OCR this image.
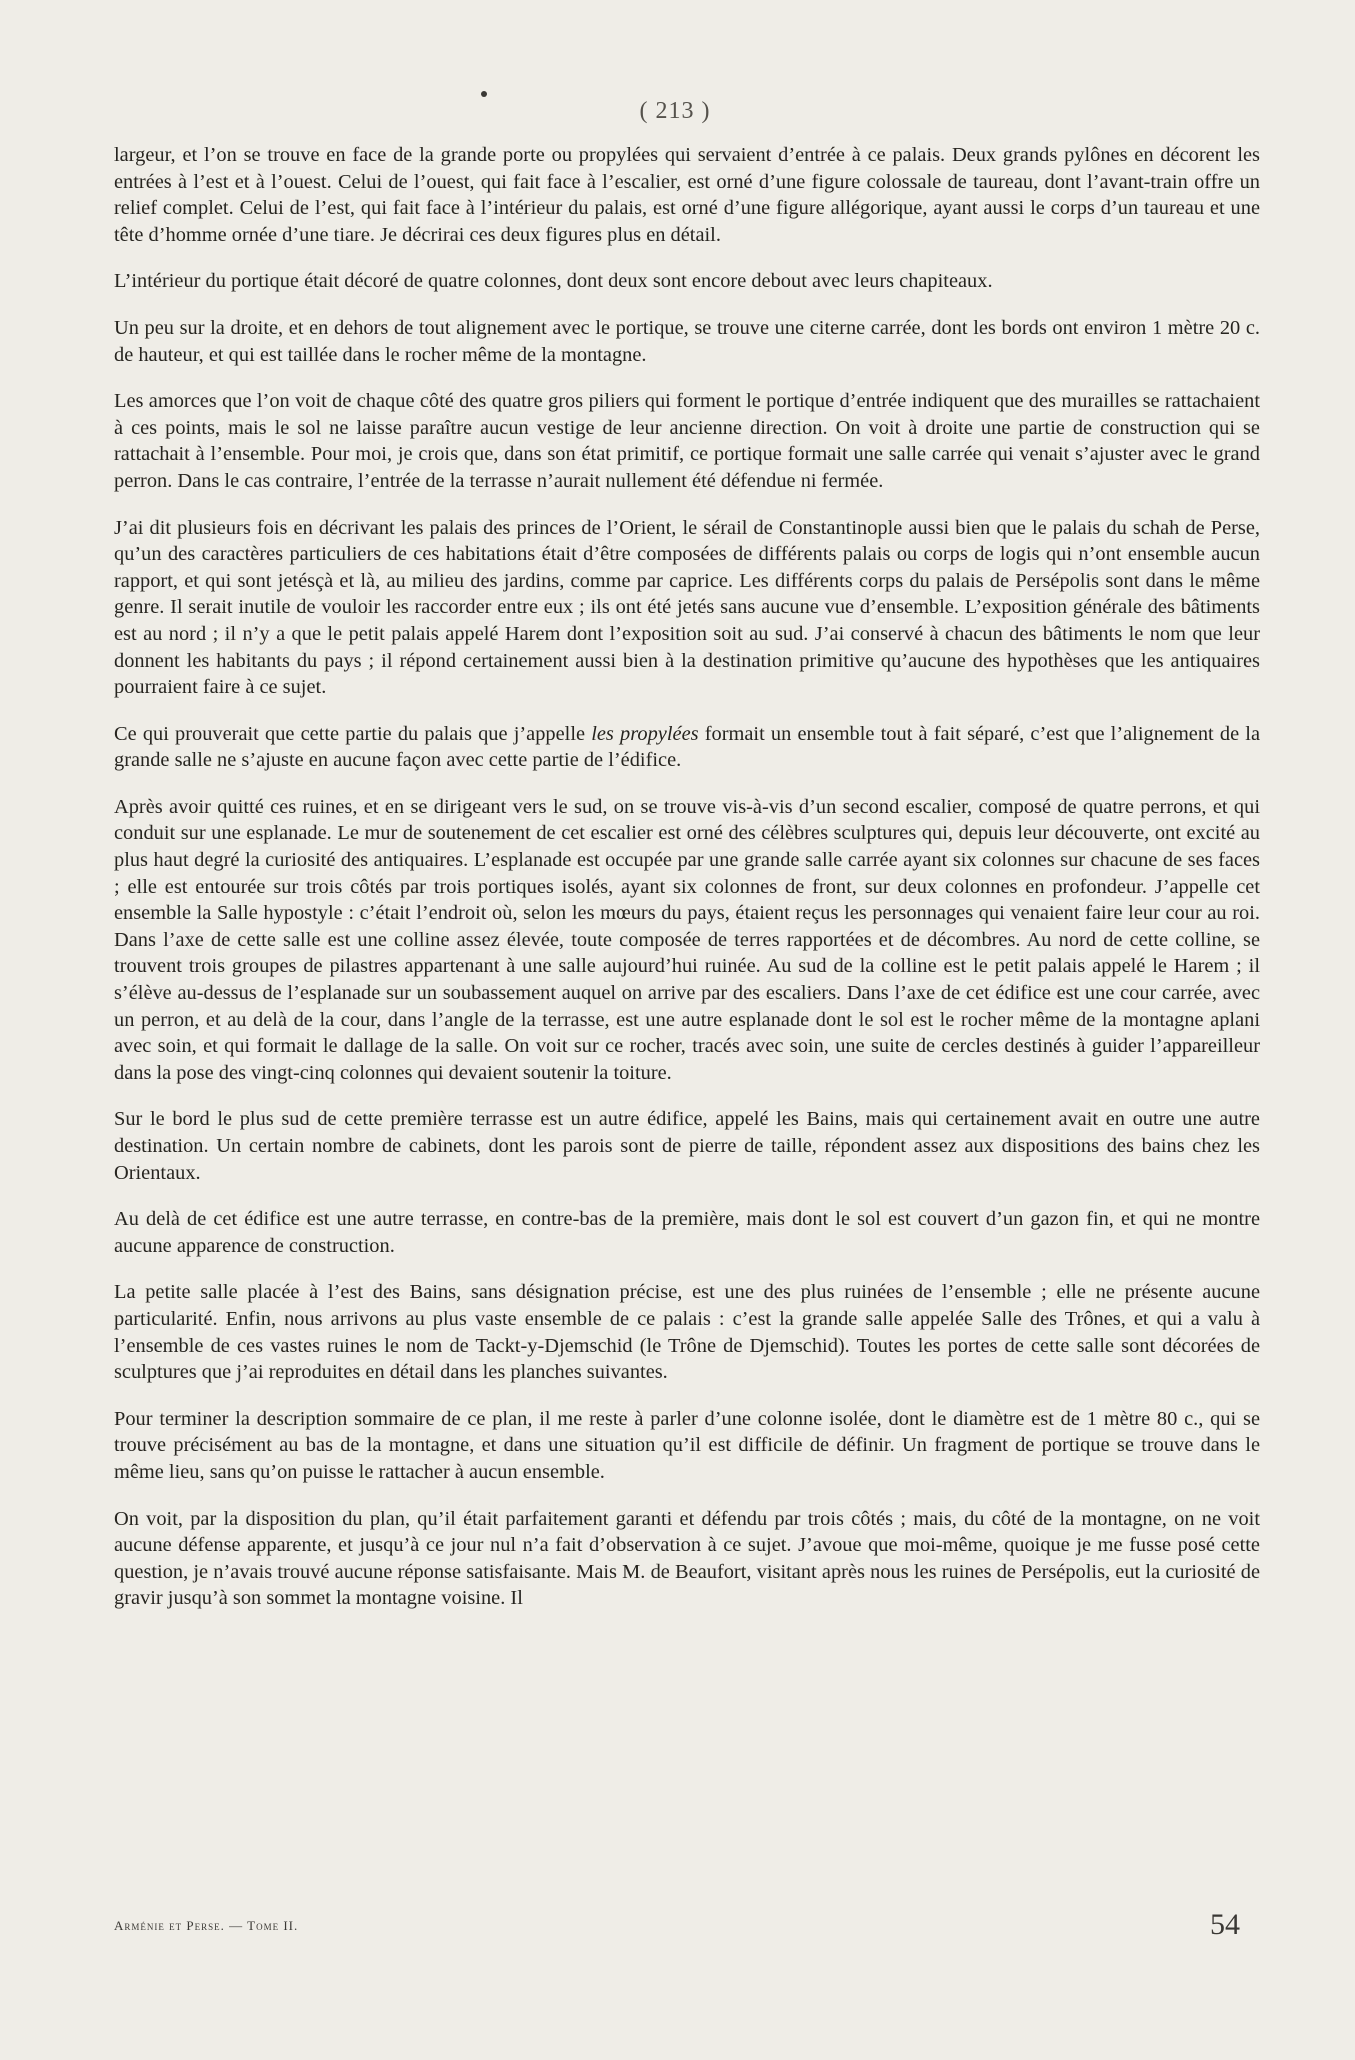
( 213 )

largeur, et l’on se trouve en face de la grande porte ou propylées qui servaient d’entrée à ce palais. Deux grands pylônes en décorent les entrées à l’est et à l’ouest. Celui de l’ouest, qui fait face à l’escalier, est orné d’une figure colossale de taureau, dont l’avant-train offre un relief complet. Celui de l’est, qui fait face à l’intérieur du palais, est orné d’une figure allégorique, ayant aussi le corps d’un taureau et une tête d’homme ornée d’une tiare. Je décrirai ces deux figures plus en détail.

L’intérieur du portique était décoré de quatre colonnes, dont deux sont encore debout avec leurs chapiteaux.

Un peu sur la droite, et en dehors de tout alignement avec le portique, se trouve une citerne carrée, dont les bords ont environ 1 mètre 20 c. de hauteur, et qui est taillée dans le rocher même de la montagne.

Les amorces que l’on voit de chaque côté des quatre gros piliers qui forment le portique d’entrée indiquent que des murailles se rattachaient à ces points, mais le sol ne laisse paraître aucun vestige de leur ancienne direction. On voit à droite une partie de construction qui se rattachait à l’ensemble. Pour moi, je crois que, dans son état primitif, ce portique formait une salle carrée qui venait s’ajuster avec le grand perron. Dans le cas contraire, l’entrée de la terrasse n’aurait nullement été défendue ni fermée.

J’ai dit plusieurs fois en décrivant les palais des princes de l’Orient, le sérail de Constantinople aussi bien que le palais du schah de Perse, qu’un des caractères particuliers de ces habitations était d’être composées de différents palais ou corps de logis qui n’ont ensemble aucun rapport, et qui sont jetésçà et là, au milieu des jardins, comme par caprice. Les différents corps du palais de Persépolis sont dans le même genre. Il serait inutile de vouloir les raccorder entre eux ; ils ont été jetés sans aucune vue d’ensemble. L’exposition générale des bâtiments est au nord ; il n’y a que le petit palais appelé Harem dont l’exposition soit au sud. J’ai conservé à chacun des bâtiments le nom que leur donnent les habitants du pays ; il répond certainement aussi bien à la destination primitive qu’aucune des hypothèses que les antiquaires pourraient faire à ce sujet.

Ce qui prouverait que cette partie du palais que j’appelle les propylées formait un ensemble tout à fait séparé, c’est que l’alignement de la grande salle ne s’ajuste en aucune façon avec cette partie de l’édifice.

Après avoir quitté ces ruines, et en se dirigeant vers le sud, on se trouve vis-à-vis d’un second escalier, composé de quatre perrons, et qui conduit sur une esplanade. Le mur de soutenement de cet escalier est orné des célèbres sculptures qui, depuis leur découverte, ont excité au plus haut degré la curiosité des antiquaires. L’esplanade est occupée par une grande salle carrée ayant six colonnes sur chacune de ses faces ; elle est entourée sur trois côtés par trois portiques isolés, ayant six colonnes de front, sur deux colonnes en profondeur. J’appelle cet ensemble la Salle hypostyle : c’était l’endroit où, selon les mœurs du pays, étaient reçus les personnages qui venaient faire leur cour au roi. Dans l’axe de cette salle est une colline assez élevée, toute composée de terres rapportées et de décombres. Au nord de cette colline, se trouvent trois groupes de pilastres appartenant à une salle aujourd’hui ruinée. Au sud de la colline est le petit palais appelé le Harem ; il s’élève au-dessus de l’esplanade sur un soubassement auquel on arrive par des escaliers. Dans l’axe de cet édifice est une cour carrée, avec un perron, et au delà de la cour, dans l’angle de la terrasse, est une autre esplanade dont le sol est le rocher même de la montagne aplani avec soin, et qui formait le dallage de la salle. On voit sur ce rocher, tracés avec soin, une suite de cercles destinés à guider l’appareilleur dans la pose des vingt-cinq colonnes qui devaient soutenir la toiture.

Sur le bord le plus sud de cette première terrasse est un autre édifice, appelé les Bains, mais qui certainement avait en outre une autre destination. Un certain nombre de cabinets, dont les parois sont de pierre de taille, répondent assez aux dispositions des bains chez les Orientaux.

Au delà de cet édifice est une autre terrasse, en contre-bas de la première, mais dont le sol est couvert d’un gazon fin, et qui ne montre aucune apparence de construction.

La petite salle placée à l’est des Bains, sans désignation précise, est une des plus ruinées de l’ensemble ; elle ne présente aucune particularité. Enfin, nous arrivons au plus vaste ensemble de ce palais : c’est la grande salle appelée Salle des Trônes, et qui a valu à l’ensemble de ces vastes ruines le nom de Tackt-y-Djemschid (le Trône de Djemschid). Toutes les portes de cette salle sont décorées de sculptures que j’ai reproduites en détail dans les planches suivantes.

Pour terminer la description sommaire de ce plan, il me reste à parler d’une colonne isolée, dont le diamètre est de 1 mètre 80 c., qui se trouve précisément au bas de la montagne, et dans une situation qu’il est difficile de définir. Un fragment de portique se trouve dans le même lieu, sans qu’on puisse le rattacher à aucun ensemble.

On voit, par la disposition du plan, qu’il était parfaitement garanti et défendu par trois côtés ; mais, du côté de la montagne, on ne voit aucune défense apparente, et jusqu’à ce jour nul n’a fait d’observation à ce sujet. J’avoue que moi-même, quoique je me fusse posé cette question, je n’avais trouvé aucune réponse satisfaisante. Mais M. de Beaufort, visitant après nous les ruines de Persépolis, eut la curiosité de gravir jusqu’à son sommet la montagne voisine. Il

Arménie et Perse. — Tome II.	54
